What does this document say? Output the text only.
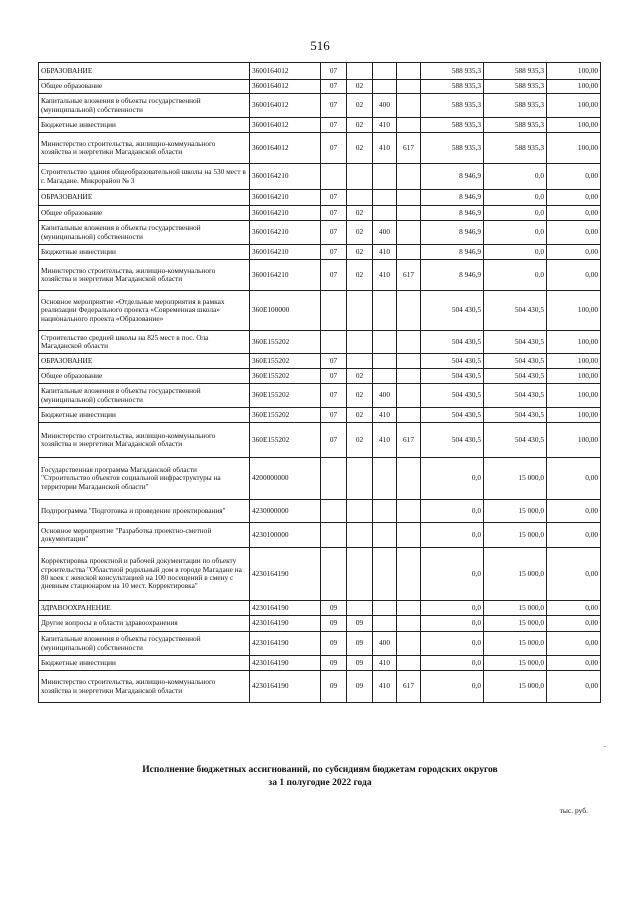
516
ОБРАЗОВАНИЕ	3600164012	07				588 935,3	588 935,3	100,00
Общее образование	3600164012	07	02			588 935,3	588 935,3	100,00
Капитальные вложения в объекты государственной (муниципальной) собственности	3600164012	07	02	400		588 935,3	588 935,3	100,00
Бюджетные инвестиции	3600164012	07	02	410		588 935,3	588 935,3	100,00
Министерство строительства, жилищно-коммунального хозяйства и энергетики Магаданской области	3600164012	07	02	410	617	588 935,3	588 935,3	100,00
Строительство здания общеобразовательной школы на 530 мест в г. Магадане. Микрорайон № 3	3600164210					8 946,9	0,0	0,00
ОБРАЗОВАНИЕ	3600164210	07				8 946,9	0,0	0,00
Общее образование	3600164210	07	02			8 946,9	0,0	0,00
Капитальные вложения в объекты государственной (муниципальной) собственности	3600164210	07	02	400		8 946,9	0,0	0,00
Бюджетные инвестиции	3600164210	07	02	410		8 946,9	0,0	0,00
Министерство строительства, жилищно-коммунального хозяйства и энергетики Магаданской области	3600164210	07	02	410	617	8 946,9	0,0	0,00
Основное мероприятие «Отдельные мероприятия в рамках реализации Федерального проекта «Современная школа» национального проекта «Образование»	360E100000					504 430,5	504 430,5	100,00
Строительство средней школы на 825 мест в пос. Ола Магаданской области	360E155202					504 430,5	504 430,5	100,00
ОБРАЗОВАНИЕ	360E155202	07				504 430,5	504 430,5	100,00
Общее образование	360E155202	07	02			504 430,5	504 430,5	100,00
Капитальные вложения в объекты государственной (муниципальной) собственности	360E155202	07	02	400		504 430,5	504 430,5	100,00
Бюджетные инвестиции	360E155202	07	02	410		504 430,5	504 430,5	100,00
Министерство строительства, жилищно-коммунального хозяйства и энергетики Магаданской области	360E155202	07	02	410	617	504 430,5	504 430,5	100,00
Государственная программа Магаданской области "Строительство объектов социальной инфраструктуры на территории Магаданской области"	4200000000					0,0	15 000,0	0,00
Подпрограмма "Подготовка и проведение проектирования"	4230000000					0,0	15 000,0	0,00
Основное мероприятие "Разработка проектно-сметной документации"	4230100000					0,0	15 000,0	0,00
Корректировка проектной и рабочей документации по объекту строительства "Областной родильный дом в городе Магадане на 80 коек с женской консультацией на 100 посещений в смену с дневным стационаром на 10 мест. Корректировка"	4230164190					0,0	15 000,0	0,00
ЗДРАВООХРАНЕНИЕ	4230164190	09				0,0	15 000,0	0,00
Другие вопросы в области здравоохранения	4230164190	09	09			0,0	15 000,0	0,00
Капитальные вложения в объекты государственной (муниципальной) собственности	4230164190	09	09	400		0,0	15 000,0	0,00
Бюджетные инвестиции	4230164190	09	09	410		0,0	15 000,0	0,00
Министерство строительства, жилищно-коммунального хозяйства и энергетики Магаданской области	4230164190	09	09	410	617	0,0	15 000,0	0,00
-
Исполнение бюджетных ассигнований, по субсидиям бюджетам городских округов
за 1 полугодие 2022 года
тыс. руб.
